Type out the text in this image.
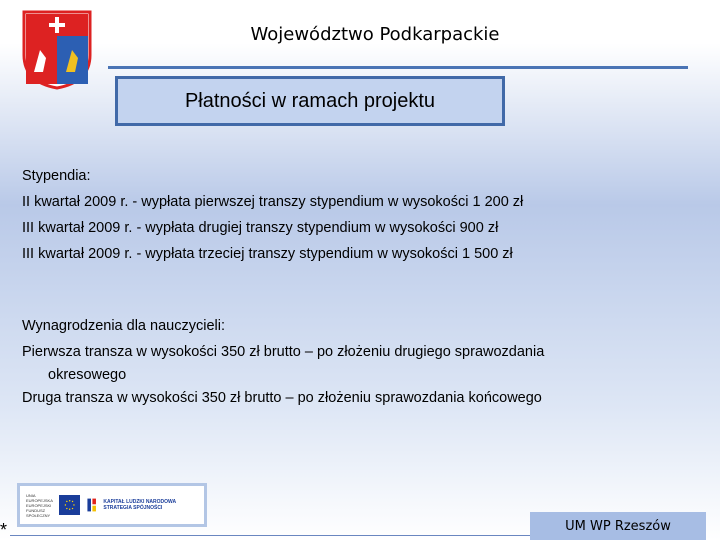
Województwo Podkarpackie
Płatności w ramach projektu

Stypendia:

II kwartał 2009 r. - wypłata pierwszej transzy stypendium w wysokości 1 200 zł

III kwartał 2009 r. - wypłata drugiej transzy stypendium w wysokości 900 zł

III kwartał 2009 r. - wypłata trzeciej transzy stypendium w wysokości 1 500 zł

Wynagrodzenia dla nauczycieli:

Pierwsza transza w wysokości 350 zł brutto – po złożeniu drugiego sprawozdania

okresowego

Druga transza w wysokości 350 zł brutto – po złożeniu sprawozdania końcowego

UNIA EUROPEJSKA EUROPEJSKI FUNDUSZ SPOŁECZNY
KAPITAŁ LUDZKI NARODOWA STRATEGIA SPÓJNOŚCI
*	UM WP Rzeszów
